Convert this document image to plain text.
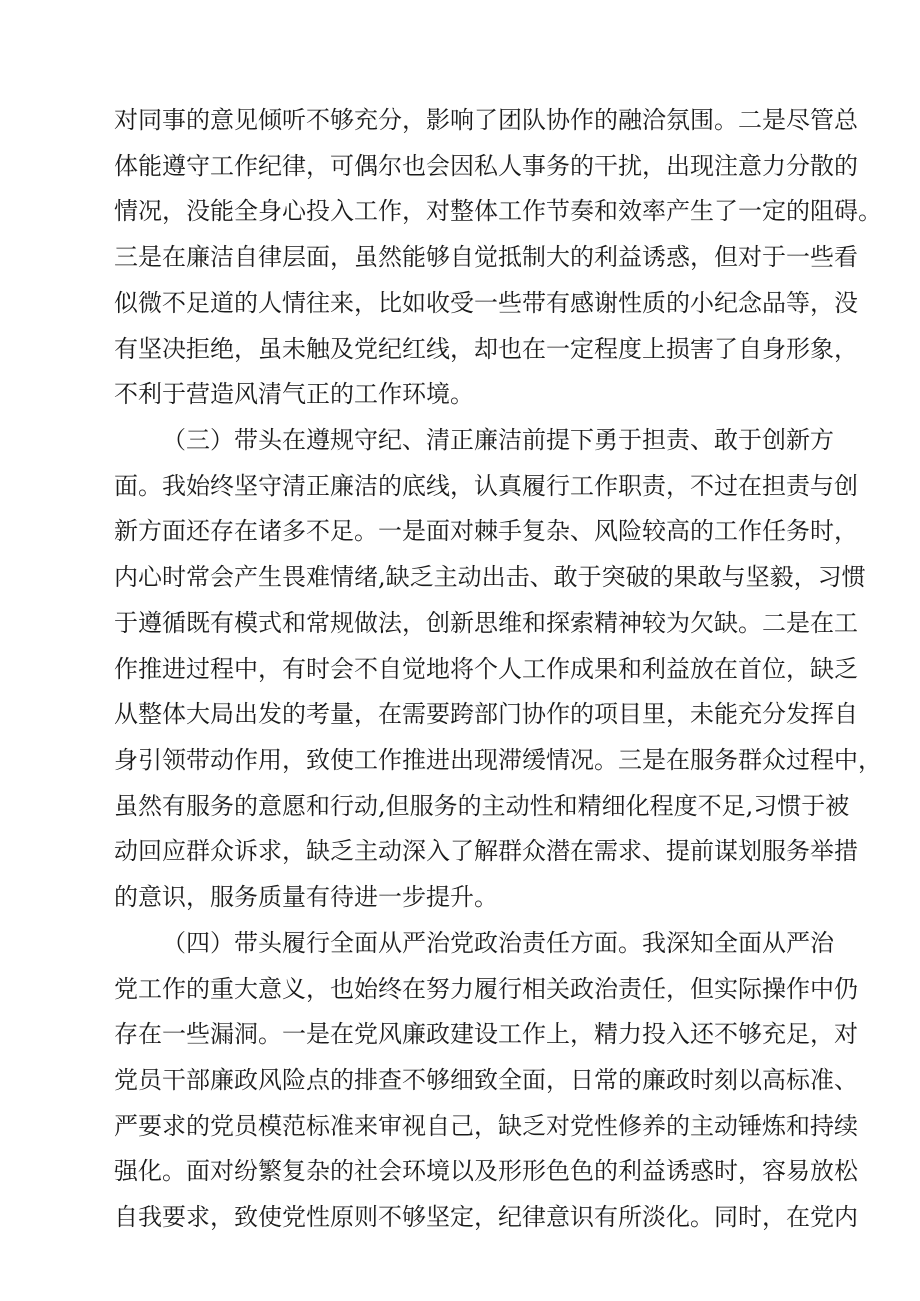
对同事的意见倾听不够充分，影响了团队协作的融洽氛围。二是尽管总
体能遵守工作纪律，可偶尔也会因私人事务的干扰，出现注意力分散的
情况，没能全身心投入工作，对整体工作节奏和效率产生了一定的阻碍。
三是在廉洁自律层面，虽然能够自觉抵制大的利益诱惑，但对于一些看
似微不足道的人情往来，比如收受一些带有感谢性质的小纪念品等，没
有坚决拒绝，虽未触及党纪红线，却也在一定程度上损害了自身形象，
不利于营造风清气正的工作环境。
（三）带头在遵规守纪、清正廉洁前提下勇于担责、敢于创新方
面。我始终坚守清正廉洁的底线，认真履行工作职责，不过在担责与创
新方面还存在诸多不足。一是面对棘手复杂、风险较高的工作任务时，
内心时常会产生畏难情绪,缺乏主动出击、敢于突破的果敢与坚毅，习惯
于遵循既有模式和常规做法，创新思维和探索精神较为欠缺。二是在工
作推进过程中，有时会不自觉地将个人工作成果和利益放在首位，缺乏
从整体大局出发的考量，在需要跨部门协作的项目里，未能充分发挥自
身引领带动作用，致使工作推进出现滞缓情况。三是在服务群众过程中，
虽然有服务的意愿和行动,但服务的主动性和精细化程度不足,习惯于被
动回应群众诉求，缺乏主动深入了解群众潜在需求、提前谋划服务举措
的意识，服务质量有待进一步提升。
（四）带头履行全面从严治党政治责任方面。我深知全面从严治
党工作的重大意义，也始终在努力履行相关政治责任，但实际操作中仍
存在一些漏洞。一是在党风廉政建设工作上，精力投入还不够充足，对
党员干部廉政风险点的排查不够细致全面，日常的廉政时刻以高标准、
严要求的党员模范标准来审视自己，缺乏对党性修养的主动锤炼和持续
强化。面对纷繁复杂的社会环境以及形形色色的利益诱惑时，容易放松
自我要求，致使党性原则不够坚定，纪律意识有所淡化。同时，在党内
